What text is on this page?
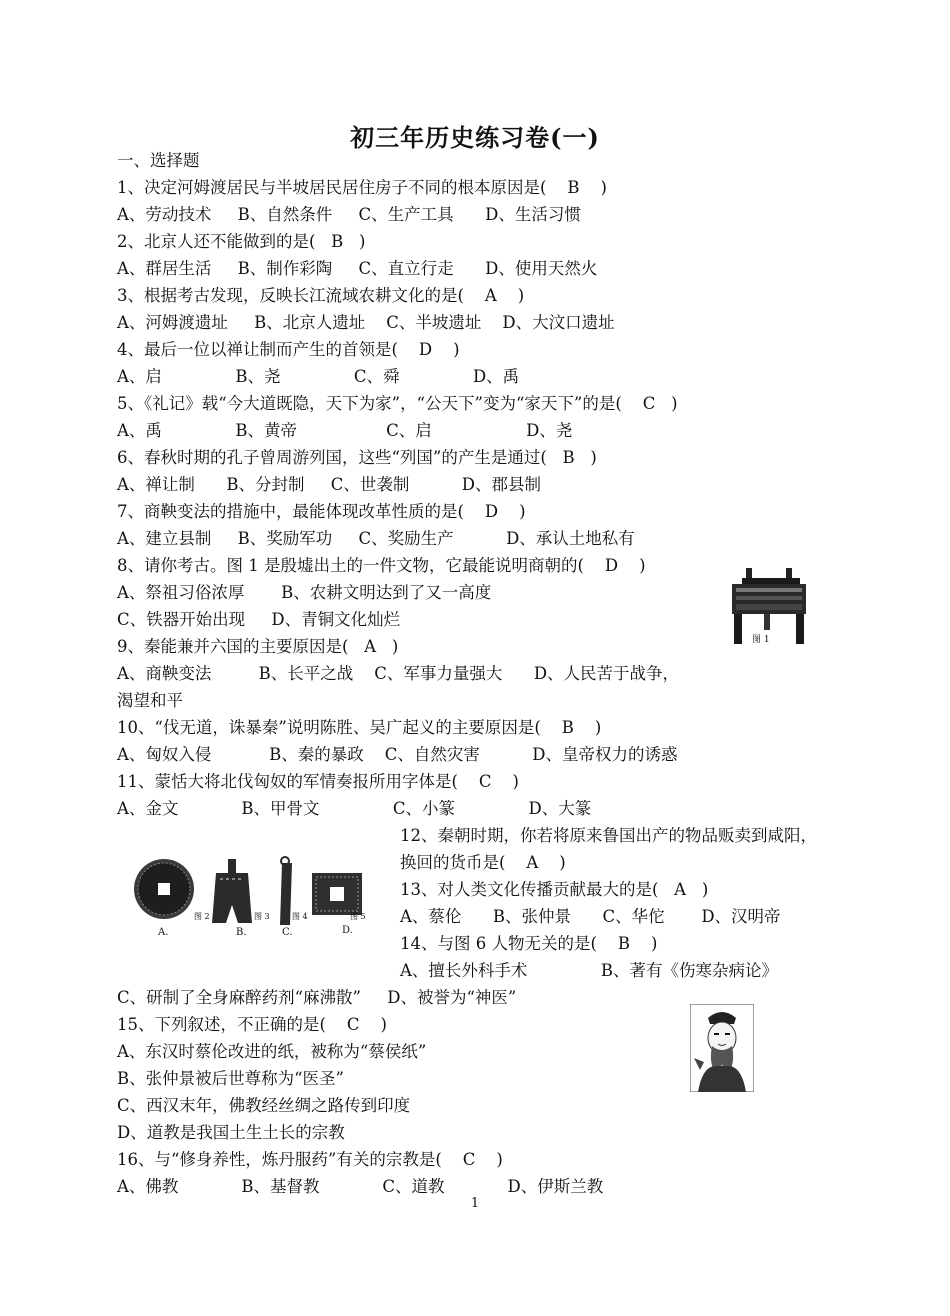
初三年历史练习卷(一)
一、选择题
1、决定河姆渡居民与半坡居民居住房子不同的根本原因是(    B    )
A、劳动技术     B、自然条件     C、生产工具      D、生活习惯
2、北京人还不能做到的是(   B   )
A、群居生活     B、制作彩陶     C、直立行走      D、使用天然火
3、根据考古发现，反映长江流域农耕文化的是(    A    )
A、河姆渡遗址     B、北京人遗址    C、半坡遗址    D、大汶口遗址
4、最后一位以禅让制而产生的首领是(    D    )
A、启              B、尧              C、舜              D、禹
5、《礼记》载“今大道既隐，天下为家”，“公天下”变为“家天下”的是(    C   )
A、禹              B、黄帝                 C、启                  D、尧
6、春秋时期的孔子曾周游列国，这些“列国”的产生是通过(   B   )
A、禅让制      B、分封制     C、世袭制          D、郡县制
7、商鞅变法的措施中，最能体现改革性质的是(    D    )
A、建立县制     B、奖励军功     C、奖励生产          D、承认土地私有
8、请你考古。图 1 是殷墟出土的一件文物，它最能说明商朝的(    D    )
A、祭祖习俗浓厚       B、农耕文明达到了又一高度
C、铁器开始出现     D、青铜文化灿烂
9、秦能兼并六国的主要原因是(   A   )
A、商鞅变法         B、长平之战    C、军事力量强大      D、人民苦于战争，
渴望和平
10、“伐无道，诛暴秦”说明陈胜、吴广起义的主要原因是(    B    )
A、匈奴入侵           B、秦的暴政    C、自然灾害          D、皇帝权力的诱惑
11、蒙恬大将北伐匈奴的军情奏报所用字体是(    C    )
A、金文            B、甲骨文              C、小篆              D、大篆
12、秦朝时期，你若将原来鲁国出产的物品贩卖到咸阳，
换回的货币是(    A    )
13、对人类文化传播贡献最大的是(   A   )
A、蔡伦      B、张仲景      C、华佗       D、汉明帝
14、与图 6 人物无关的是(    B    )
A、擅长外科手术              B、著有《伤寒杂病论》
C、研制了全身麻醉药剂“麻沸散”     D、被誉为“神医”
15、下列叙述，不正确的是(    C    )
A、东汉时蔡伦改进的纸，被称为“蔡侯纸”
B、张仲景被后世尊称为“医圣”
C、西汉末年，佛教经丝绸之路传到印度
D、道教是我国土生土长的宗教
16、与“修身养性，炼丹服药”有关的宗教是(    C    )
A、佛教            B、基督教            C、道教            D、伊斯兰教
图 1
A.	B.	C.	D.
图 2	图 3	图 4	图 5
1
